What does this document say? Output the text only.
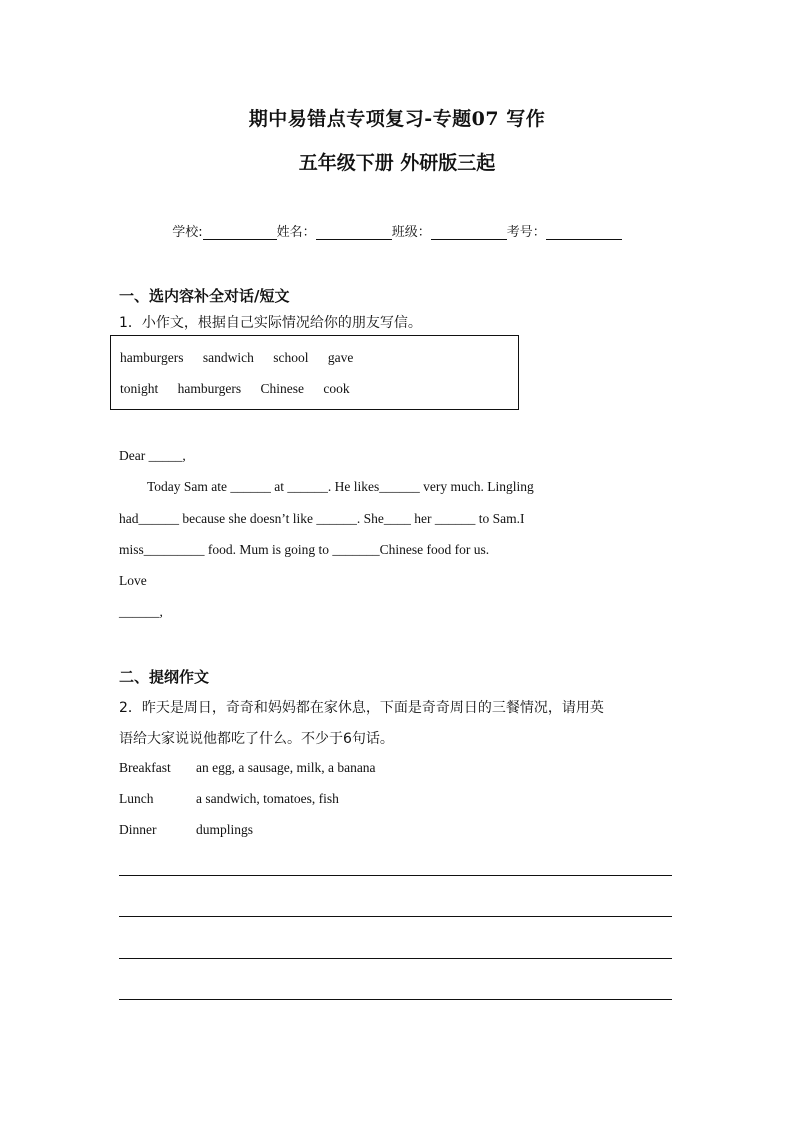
期中易错点专项复习-专题07 写作
五年级下册 外研版三起
学校:	姓名：	班级：	考号：
一、选内容补全对话/短文
1．小作文，根据自己实际情况给你的朋友写信。
hamburgers sandwich school gave
tonight hamburgers Chinese cook
Dear _____,
Today Sam ate ______ at ______. He likes______ very much. Lingling
had______ because she doesn’t like ______. She____ her ______ to Sam.I
miss_________ food. Mum is going to _______Chinese food for us.
Love
______,
二、提纲作文
2．昨天是周日，奇奇和妈妈都在家休息，下面是奇奇周日的三餐情况，请用英
语给大家说说他都吃了什么。不少于6句话。
Breakfast an egg, a sausage, milk, a banana
Lunch	a sandwich, tomatoes, fish
Dinner	dumplings
